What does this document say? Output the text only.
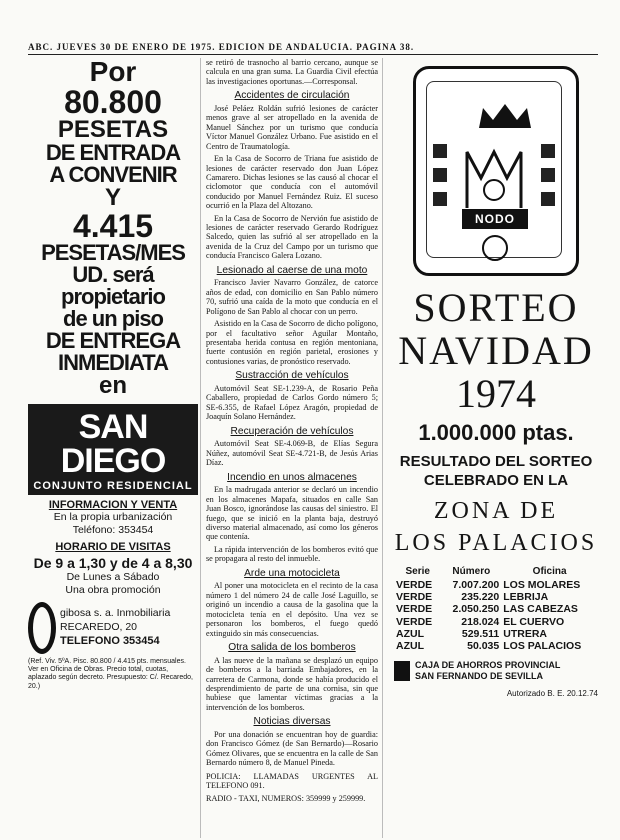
ABC. JUEVES 30 DE ENERO DE 1975. EDICION DE ANDALUCIA. PAGINA 38.
Por
80.800
PESETAS
DE ENTRADA
A CONVENIR
Y
4.415
PESETAS/MES
UD. será
propietario
de un piso
DE ENTREGA
INMEDIATA
en
SAN DIEGO
CONJUNTO RESIDENCIAL
INFORMACION Y VENTA
En la propia urbanización
Teléfono: 353454
HORARIO DE VISITAS
De 9 a 1,30 y de 4 a 8,30
De Lunes a Sábado
Una obra promoción
gibosa s. a. Inmobiliaria
RECAREDO, 20
TELEFONO 353454
(Ref. Viv. 5ºA. Pisc. 80.800 / 4.415 pts. mensuales. Ver en Oficina de Obras. Precio total, cuotas, aplazado según decreto. Presupuesto: C/. Recaredo, 20.)

se retiró de trasnocho al barrio cercano, aunque se calcula en una gran suma. La Guardia Civil efectúa las investigaciones oportunas.—Corresponsal.

Accidentes de circulación

José Peláez Roldán sufrió lesiones de carácter menos grave al ser atropellado en la avenida de Manuel Sánchez por un turismo que conducía Víctor Manuel González Urbano. Fue asistido en el Centro de Traumatología.

En la Casa de Socorro de Triana fue asistido de lesiones de carácter reservado don Juan López Camarero. Dichas lesiones se las causó al chocar el ciclomotor que conducía con el automóvil conducido por Manuel Fernández Ruiz. El suceso ocurrió en la Plaza del Altozano.

En la Casa de Socorro de Nervión fue asistido de lesiones de carácter reservado Gerardo Rodríguez Salcedo, quien las sufrió al ser atropellado en la avenida de la Cruz del Campo por un turismo que conducía Francisco Galera Lozano.

Lesionado al caerse de una moto

Francisco Javier Navarro González, de catorce años de edad, con domicilio en San Pablo número 70, sufrió una caída de la moto que conducía en el Polígono de San Pablo al chocar con un perro.

Asistido en la Casa de Socorro de dicho polígono, por el facultativo señor Aguilar Montaño, presentaba herida contusa en región mentoniana, fuerte contusión en región parietal, erosiones y contusiones varias, de pronóstico reservado.

Sustracción de vehículos

Automóvil Seat SE-1.239-A, de Rosario Peña Caballero, propiedad de Carlos Gordo número 5; SE-6.355, de Rafael López Aragón, propiedad de Joaquín Solano Hernández.

Recuperación de vehículos

Automóvil Seat SE-4.069-B, de Elías Segura Núñez, automóvil Seat SE-4.721-B, de Jesús Arias Díaz.

Incendio en unos almacenes

En la madrugada anterior se declaró un incendio en los almacenes Mapafa, situados en calle San Juan Bosco, ignorándose las causas del siniestro. El fuego, que se inició en la planta baja, destruyó diverso material almacenado, así como los géneros que contenía.

La rápida intervención de los bomberos evitó que se propagara al resto del inmueble.

Arde una motocicleta

Al poner una motocicleta en el recinto de la casa número 1 del número 24 de calle José Laguillo, se originó un incendio a causa de la gasolina que la motocicleta tenía en el depósito. Una vez se personaron los bomberos, el fuego quedó extinguido sin más consecuencias.

Otra salida de los bomberos

A las nueve de la mañana se desplazó un equipo de bomberos a la barriada Embajadores, en la carretera de Carmona, donde se había producido el desprendimiento de parte de una cornisa, sin que hubiese que lamentar víctimas gracias a la intervención de los bomberos.

Noticias diversas

Por una donación se encuentran hoy de guardia: don Francisco Gómez (de San Bernardo)—Rosario Gómez Olivares, que se encuentra en la calle de San Bernardo número 8, de Manuel Pineda.

POLICIA: LLAMADAS URGENTES AL TELEFONO 091.

RADIO - TAXI, NUMEROS: 359999 y 259999.

NODO
SORTEO
NAVIDAD
1974
1.000.000 ptas.
RESULTADO DEL SORTEO
CELEBRADO EN LA
ZONA DE
LOS PALACIOS
Serie	Número	Oficina
VERDE	7.007.200	LOS MOLARES
VERDE	235.220	LEBRIJA
VERDE	2.050.250	LAS CABEZAS
VERDE	218.024	EL CUERVO
AZUL	529.511	UTRERA
AZUL	50.035	LOS PALACIOS
CAJA DE AHORROS PROVINCIAL
SAN FERNANDO DE SEVILLA
Autorizado B. E. 20.12.74
